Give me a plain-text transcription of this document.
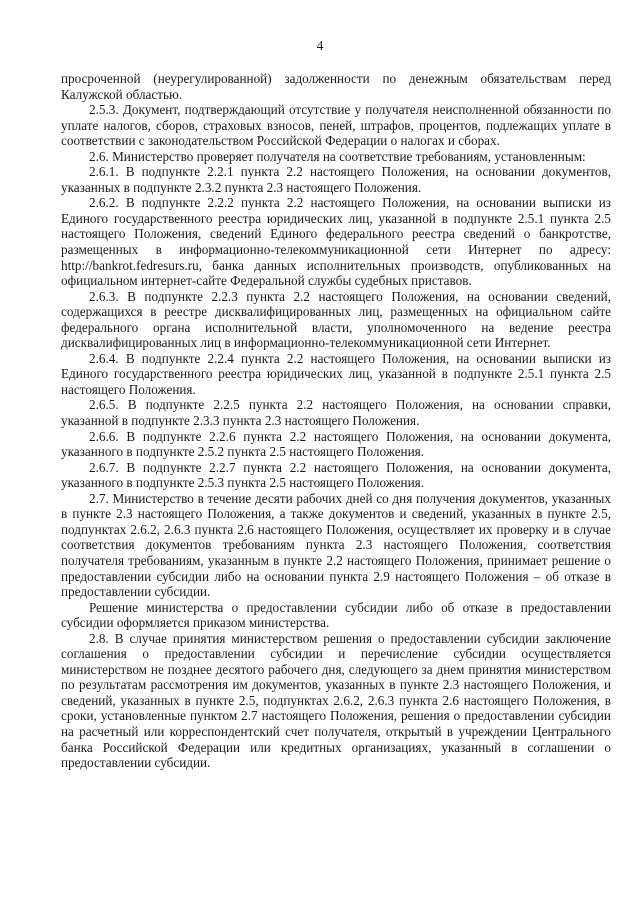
4

просроченной (неурегулированной) задолженности по денежным обязательствам перед Калужской областью.

2.5.3. Документ, подтверждающий отсутствие у получателя неисполненной обязанности по уплате налогов, сборов, страховых взносов, пеней, штрафов, процентов, подлежащих уплате в соответствии с законодательством Российской Федерации о налогах и сборах.

2.6. Министерство проверяет получателя на соответствие требованиям, установленным:

2.6.1. В подпункте 2.2.1 пункта 2.2 настоящего Положения, на основании документов, указанных в подпункте 2.3.2 пункта 2.3 настоящего Положения.

2.6.2. В подпункте 2.2.2 пункта 2.2 настоящего Положения, на основании выписки из Единого государственного реестра юридических лиц, указанной в подпункте 2.5.1 пункта 2.5 настоящего Положения, сведений Единого федерального реестра сведений о банкротстве, размещенных в информационно-телекоммуникационной сети Интернет по адресу: http://bankrot.fedresurs.ru, банка данных исполнительных производств, опубликованных на официальном интернет-сайте Федеральной службы судебных приставов.

2.6.3. В подпункте 2.2.3 пункта 2.2 настоящего Положения, на основании сведений, содержащихся в реестре дисквалифицированных лиц, размещенных на официальном сайте федерального органа исполнительной власти, уполномоченного на ведение реестра дисквалифицированных лиц в информационно-телекоммуникационной сети Интернет.

2.6.4. В подпункте 2.2.4 пункта 2.2 настоящего Положения, на основании выписки из Единого государственного реестра юридических лиц, указанной в подпункте 2.5.1 пункта 2.5 настоящего Положения.

2.6.5. В подпункте 2.2.5 пункта 2.2 настоящего Положения, на основании справки, указанной в подпункте 2.3.3 пункта 2.3 настоящего Положения.

2.6.6. В подпункте 2.2.6 пункта 2.2 настоящего Положения, на основании документа, указанного в подпункте 2.5.2 пункта 2.5 настоящего Положения.

2.6.7. В подпункте 2.2.7 пункта 2.2 настоящего Положения, на основании документа, указанного в подпункте 2.5.3 пункта 2.5 настоящего Положения.

2.7. Министерство в течение десяти рабочих дней со дня получения документов, указанных в пункте 2.3 настоящего Положения, а также документов и сведений, указанных в пункте 2.5, подпунктах 2.6.2, 2.6.3 пункта 2.6 настоящего Положения, осуществляет их проверку и в случае соответствия документов требованиям пункта 2.3 настоящего Положения, соответствия получателя требованиям, указанным в пункте 2.2 настоящего Положения, принимает решение о предоставлении субсидии либо на основании пункта 2.9 настоящего Положения – об отказе в предоставлении субсидии.

Решение министерства о предоставлении субсидии либо об отказе в предоставлении субсидии оформляется приказом министерства.

2.8. В случае принятия министерством решения о предоставлении субсидии заключение соглашения о предоставлении субсидии и перечисление субсидии осуществляется министерством не позднее десятого рабочего дня, следующего за днем принятия министерством по результатам рассмотрения им документов, указанных в пункте 2.3 настоящего Положения, и сведений, указанных в пункте 2.5, подпунктах 2.6.2, 2.6.3 пункта 2.6 настоящего Положения, в сроки, установленные пунктом 2.7 настоящего Положения, решения о предоставлении субсидии на расчетный или корреспондентский счет получателя, открытый в учреждении Центрального банка Российской Федерации или кредитных организациях, указанный в соглашении о предоставлении субсидии.
